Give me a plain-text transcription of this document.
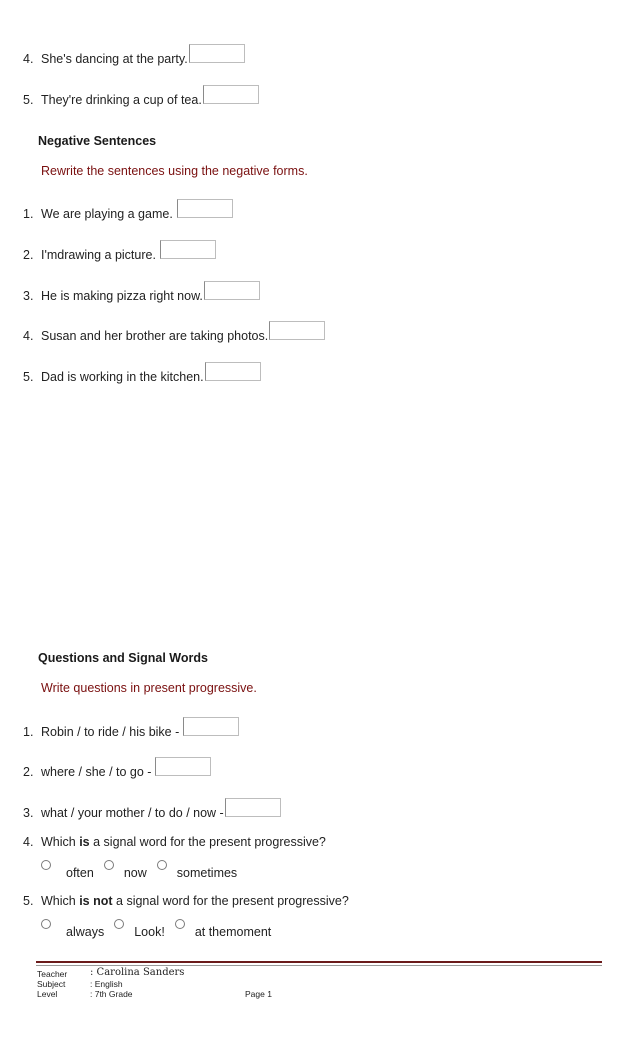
4. She's dancing at the party.
5. They're drinking a cup of tea.
Negative Sentences
Rewrite the sentences using the negative forms.
1. We are playing a game.
2. I'mdrawing a picture.
3. He is making pizza right now.
4. Susan and her brother are taking photos.
5. Dad is working in the kitchen.
Questions and Signal Words
Write questions in present progressive.
1. Robin / to ride / his bike -
2. where / she / to go -
3. what / your mother / to do / now -
4. Which is a signal word for the present progressive?
often now sometimes
5. Which is not a signal word for the present progressive?
always Look! at themoment
Teacher : Carolina Sanders
Subject	: English
Level	: 7th Grade	Page 1
